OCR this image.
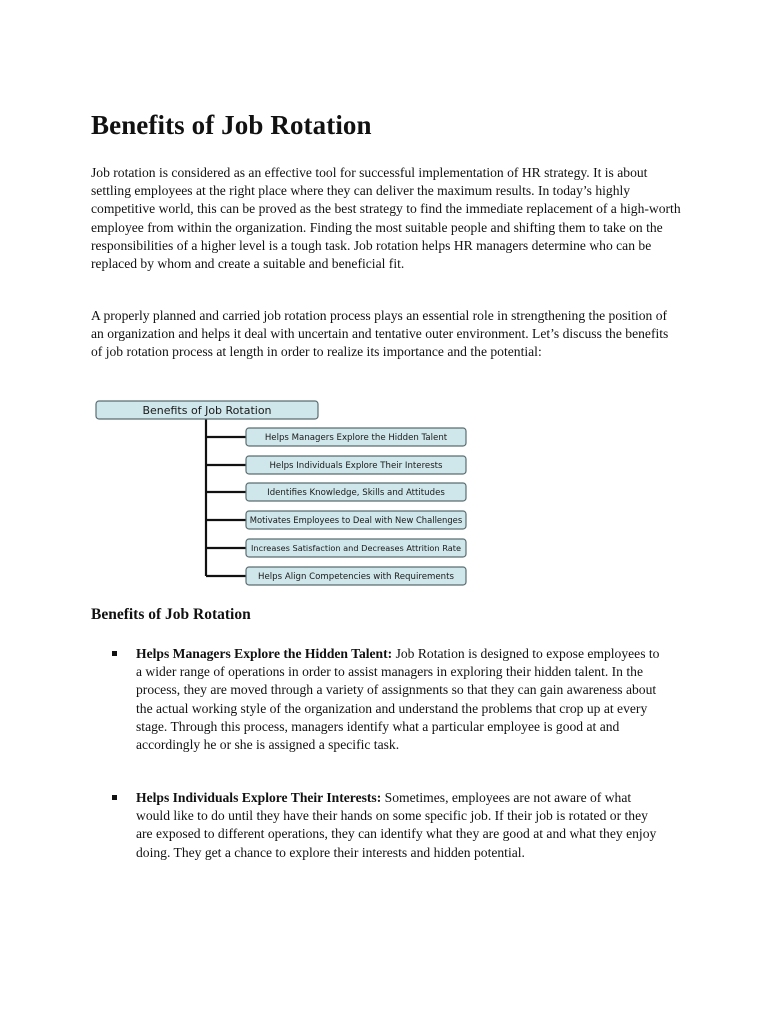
Benefits of Job Rotation

Job rotation is considered as an effective tool for successful implementation of HR strategy. It is about settling employees at the right place where they can deliver the maximum results. In today’s highly competitive world, this can be proved as the best strategy to find the immediate replacement of a high-worth employee from within the organization. Finding the most suitable people and shifting them to take on the responsibilities of a higher level is a tough task. Job rotation helps HR managers determine who can be replaced by whom and create a suitable and beneficial fit.

A properly planned and carried job rotation process plays an essential role in strengthening the position of an organization and helps it deal with uncertain and tentative outer environment. Let’s discuss the benefits of job rotation process at length in order to realize its importance and the potential:

Benefits of Job Rotation
Helps Managers Explore the Hidden Talent
Helps Individuals Explore Their Interests
Identifies Knowledge, Skills and Attitudes
Motivates Employees to Deal with New Challenges
Increases Satisfaction and Decreases Attrition Rate
Helps Align Competencies with Requirements
Benefits of Job Rotation

Helps Managers Explore the Hidden Talent: Job Rotation is designed to expose employees to a wider range of operations in order to assist managers in exploring their hidden talent. In the process, they are moved through a variety of assignments so that they can gain awareness about the actual working style of the organization and understand the problems that crop up at every stage. Through this process, managers identify what a particular employee is good at and accordingly he or she is assigned a specific task.

Helps Individuals Explore Their Interests: Sometimes, employees are not aware of what would like to do until they have their hands on some specific job. If their job is rotated or they are exposed to different operations, they can identify what they are good at and what they enjoy doing. They get a chance to explore their interests and hidden potential.
